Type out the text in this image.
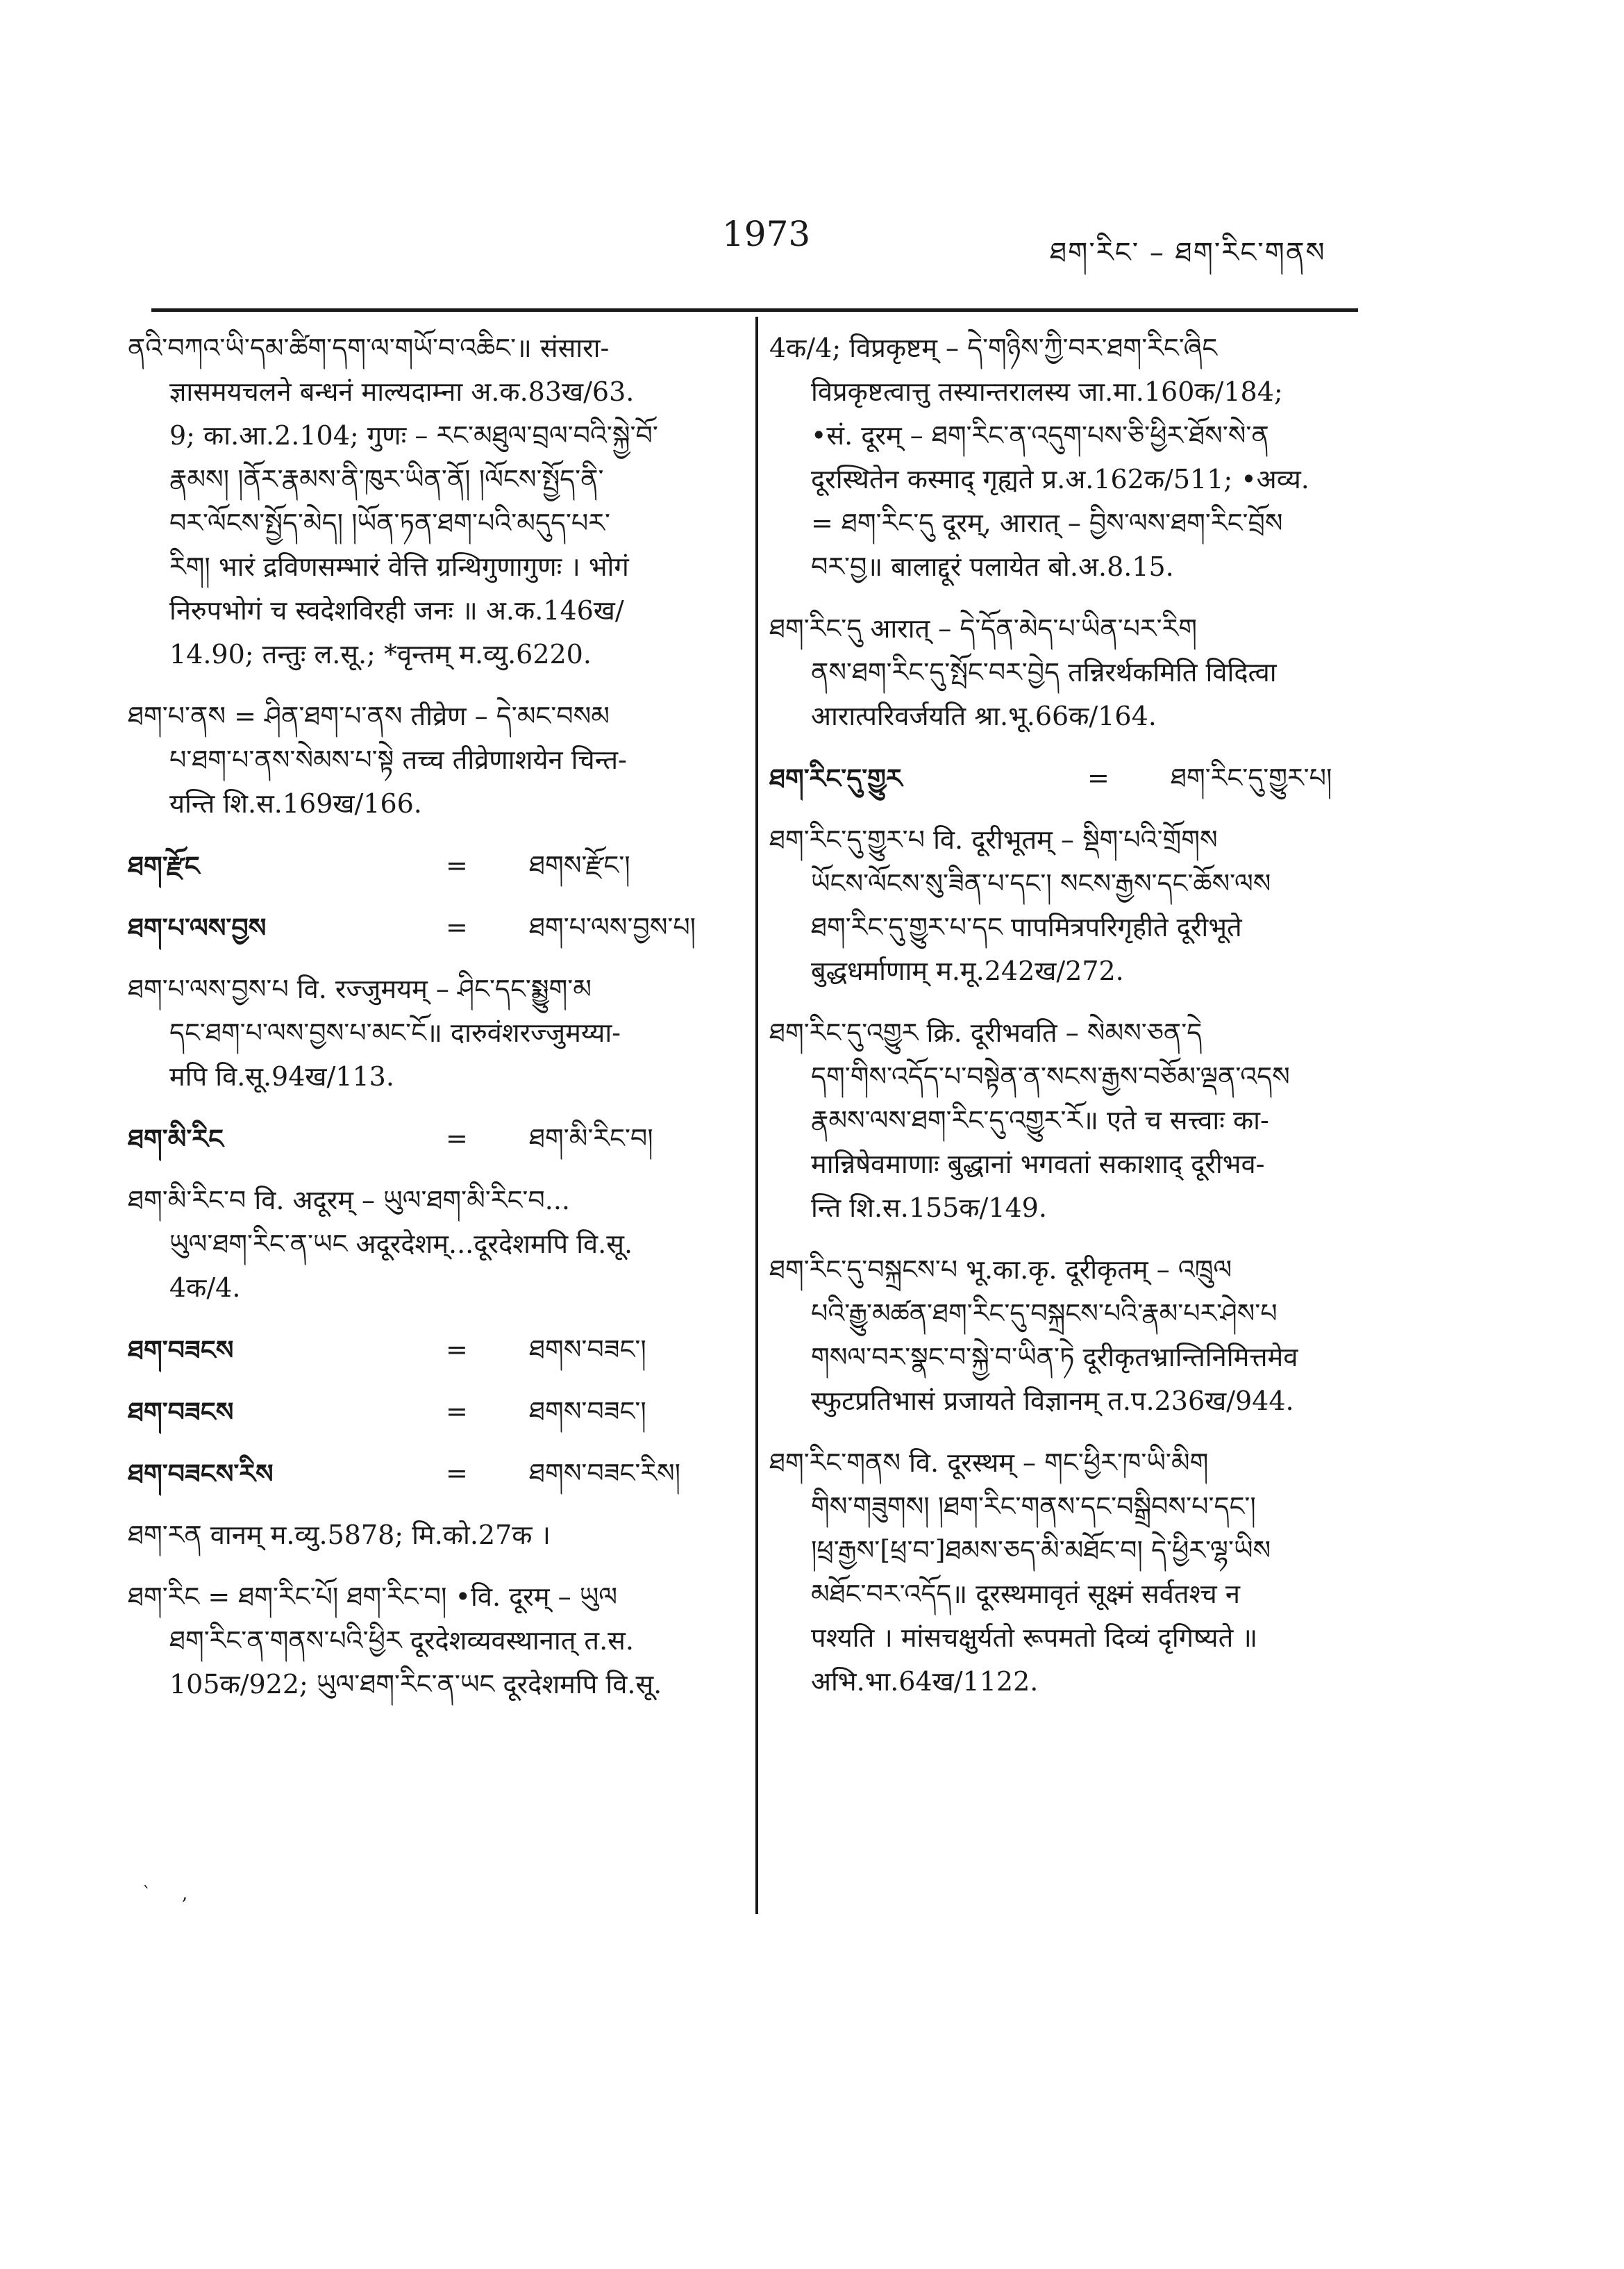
1973	ཐག་རིང་ – ཐག་རིང་གནས

ནའི་བཀའ་ཡི་དམ་ཚིག་དག་ལ་གཡོ་བ་འཆིང་॥ संसारा-

ज्ञासमयचलने बन्धनं माल्यदाम्ना अ.क.83ख/63.

9; का.आ.2.104; गुणः – རང་མཐུལ་བྲལ་བའི་སྐྱེ་བོ་

རྣམས། །ནོར་རྣམས་ནི་ཁུར་ཡིན་ནོ། །ལོངས་སྤྱོད་ནི་

བར་ལོངས་སྤྱོད་མེད། །ཡོན་ཏན་ཐག་པའི་མདུད་པར་

རིག། भारं द्रविणसम्भारं वेत्ति ग्रन्थिगुणागुणः । भोगं

निरुपभोगं च स्वदेशविरही जनः ॥ अ.क.146ख/

14.90; तन्तुः ल.सू.; *वृन्तम् म.व्यु.6220.

ཐག་པ་ནས = ཤིན་ཐག་པ་ནས तीव्रेण – དེ་མང་བསམ

པ་ཐག་པ་ནས་སེམས་པ་སྟེ तच्च तीव्रेणाशयेन चिन्त-

यन्ति शि.स.169ख/166.

ཐག་རྫོང	=	ཐགས་རྫོང་།
ཐག་པ་ལས་བྱས	=	ཐག་པ་ལས་བྱས་པ།

ཐག་པ་ལས་བྱས་པ वि. रज्जुमयम् – ཤིང་དང་སྨྱུག་མ

དང་ཐག་པ་ལས་བྱས་པ་མང་ངོ॥ दारुवंशरज्जुमय्या-

मपि वि.सू.94ख/113.

ཐག་མི་རིང	=	ཐག་མི་རིང་བ།

ཐག་མི་རིང་བ वि. अदूरम् – ཡུལ་ཐག་མི་རིང་བ...

ཡུལ་ཐག་རིང་ན་ཡང अदूरदेशम्...दूरदेशमपि वि.सू.

4क/4.

ཐག་བཟངས	=	ཐགས་བཟང་།
ཐག་བཟངས	=	ཐགས་བཟང་།
ཐག་བཟངས་རིས	=	ཐགས་བཟང་རིས།

ཐག་རན वानम् म.व्यु.5878; मि.को.27क ।

ཐག་རིང = ཐག་རིང་པོ། ཐག་རིང་བ། •वि. दूरम् – ཡུལ

ཐག་རིང་ན་གནས་པའི་ཕྱིར दूरदेशव्यवस्थानात् त.स.

105क/922; ཡུལ་ཐག་རིང་ན་ཡང दूरदेशमपि वि.सू.

4क/4; विप्रकृष्टम् – དེ་གཉིས་ཀྱི་བར་ཐག་རིང་ཞིང

विप्रकृष्टत्वात्तु तस्यान्तरालस्य जा.मा.160क/184;

•सं. दूरम् – ཐག་རིང་ན་འདུག་པས་ཅི་ཕྱིར་ཐོས་སེ་ན

दूरस्थितेन कस्माद् गृह्यते प्र.अ.162क/511; •अव्य.

= ཐག་རིང་དུ दूरम्, आरात् – བྱིས་ལས་ཐག་རིང་བྲོས

བར་བྱ॥ बालाद्दूरं पलायेत बो.अ.8.15.

ཐག་རིང་དུ आरात् – དེ་དོན་མེད་པ་ཡིན་པར་རིག

ནས་ཐག་རིང་དུ་སྤོང་བར་བྱེད तन्निरर्थकमिति विदित्वा

आरात्परिवर्जयति श्रा.भू.66क/164.

ཐག་རིང་དུ་གྱུར	=	ཐག་རིང་དུ་གྱུར་པ།

ཐག་རིང་དུ་གྱུར་པ वि. दूरीभूतम् – སྡིག་པའི་གྲོགས

ཡོངས་ལོངས་སུ་ཟིན་པ་དང་། སངས་རྒྱས་དང་ཆོས་ལས

ཐག་རིང་དུ་གྱུར་པ་དང पापमित्रपरिगृहीते दूरीभूते

बुद्धधर्माणाम् म.मू.242ख/272.

ཐག་རིང་དུ་འགྱུར क्रि. दूरीभवति – སེམས་ཅན་དེ

དག་གིས་འདོད་པ་བསྟེན་ན་སངས་རྒྱས་བཅོམ་ལྡན་འདས

རྣམས་ལས་ཐག་རིང་དུ་འགྱུར་རོ॥ एते च सत्त्वाः का-

मान्निषेवमाणाः बुद्धानां भगवतां सकाशाद् दूरीभव-

न्ति शि.स.155क/149.

ཐག་རིང་དུ་བསྐྲངས་པ भू.का.कृ. दूरीकृतम् – འཁྲུལ

པའི་རྒྱུ་མཚན་ཐག་རིང་དུ་བསྐྲངས་པའི་རྣམ་པར་ཤེས་པ

གསལ་བར་སྣང་བ་སྐྱེ་བ་ཡིན་ཏེ दूरीकृतभ्रान्तिनिमित्तमेव

स्फुटप्रतिभासं प्रजायते विज्ञानम् त.प.236ख/944.

ཐག་རིང་གནས वि. दूरस्थम् – གང་ཕྱིར་ཁ་ཡི་མིག

གིས་གཟུགས། །ཐག་རིང་གནས་དང་བསྒྲིབས་པ་དང་།

།ཕྲ་རྒྱས་[ཕྲ་བ་]ཐམས་ཅད་མི་མཐོང་བ། དེ་ཕྱིར་ལྷ་ཡིས

མཐོང་བར་འདོད॥ दूरस्थमावृतं सूक्ष्मं सर्वतश्च न

पश्यति । मांसचक्षुर्यतो रूपमतो दिव्यं दृगिष्यते ॥

अभि.भा.64ख/1122.

` ,
